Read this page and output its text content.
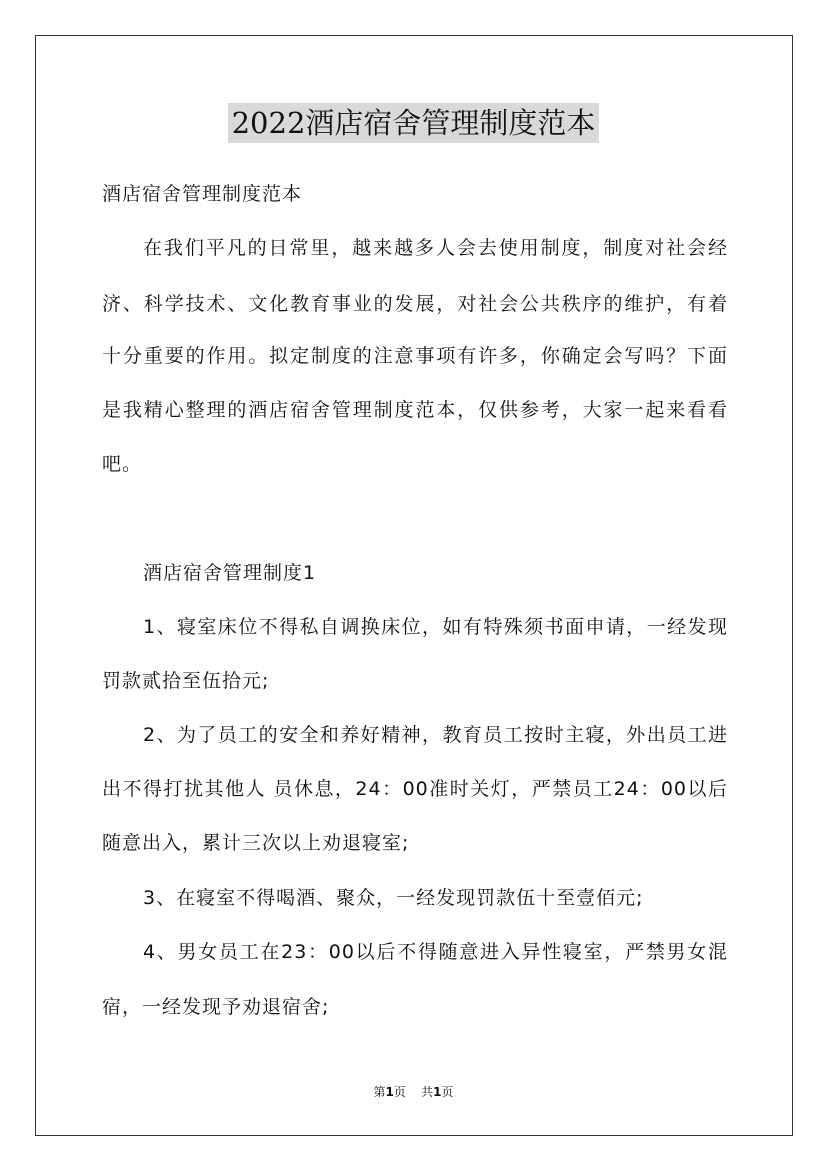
2022酒店宿舍管理制度范本
酒店宿舍管理制度范本
在我们平凡的日常里，越来越多人会去使用制度，制度对社会经
济、科学技术、文化教育事业的发展，对社会公共秩序的维护，有着
十分重要的作用。拟定制度的注意事项有许多，你确定会写吗？下面
是我精心整理的酒店宿舍管理制度范本，仅供参考，大家一起来看看
吧。
酒店宿舍管理制度1
1、寝室床位不得私自调换床位，如有特殊须书面申请，一经发现
罚款贰拾至伍拾元;
2、为了员工的安全和养好精神，教育员工按时主寝，外出员工进
出不得打扰其他人 员休息，24：00准时关灯，严禁员工24：00以后
随意出入，累计三次以上劝退寝室;
3、在寝室不得喝酒、聚众，一经发现罚款伍十至壹佰元;
4、男女员工在23：00以后不得随意进入异性寝室，严禁男女混
宿，一经发现予劝退宿舍;
第1页 共1页
